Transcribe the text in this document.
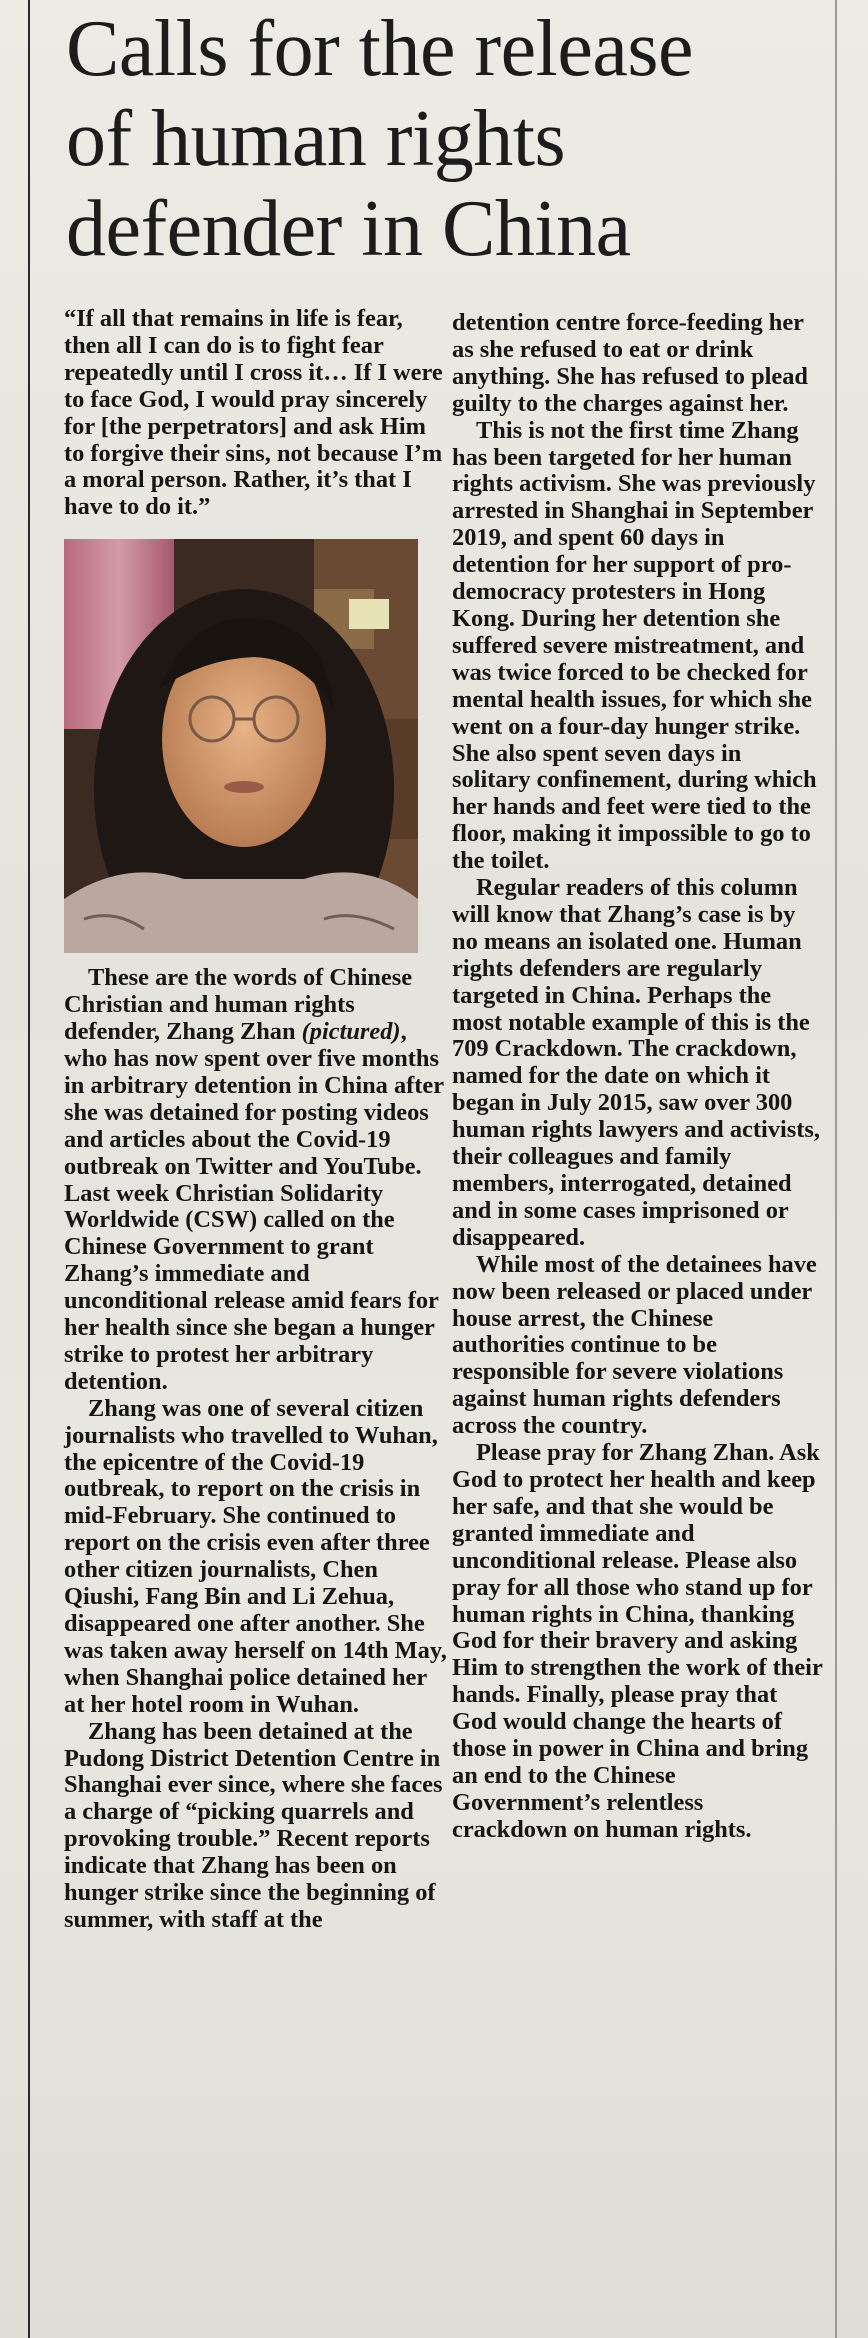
Calls for the release
of human rights
defender in China

“If all that remains in life is fear, then all I can do is to fight fear repeatedly until I cross it… If I were to face God, I would pray sincerely for [the perpetrators] and ask Him to forgive their sins, not because I’m a moral person. Rather, it’s that I have to do it.”

These are the words of Chinese Christian and human rights defender, Zhang Zhan (pictured), who has now spent over five months in arbitrary detention in China after she was detained for posting videos and articles about the Covid-19 outbreak on Twitter and YouTube. Last week Christian Solidarity Worldwide (CSW) called on the Chinese Government to grant Zhang’s immediate and unconditional release amid fears for her health since she began a hunger strike to protest her arbitrary detention.

Zhang was one of several citizen journalists who travelled to Wuhan, the epicentre of the Covid-19 outbreak, to report on the crisis in mid-February. She continued to report on the crisis even after three other citizen journalists, Chen Qiushi, Fang Bin and Li Zehua, disappeared one after another. She was taken away herself on 14th May, when Shanghai police detained her at her hotel room in Wuhan.

Zhang has been detained at the Pudong District Detention Centre in Shanghai ever since, where she faces a charge of “picking quarrels and provoking trouble.” Recent reports indicate that Zhang has been on hunger strike since the beginning of summer, with staff at the

detention centre force-feeding her as she refused to eat or drink anything. She has refused to plead guilty to the charges against her.

This is not the first time Zhang has been targeted for her human rights activism. She was previously arrested in Shanghai in September 2019, and spent 60 days in detention for her support of pro-democracy protesters in Hong Kong. During her detention she suffered severe mistreatment, and was twice forced to be checked for mental health issues, for which she went on a four-day hunger strike. She also spent seven days in solitary confinement, during which her hands and feet were tied to the floor, making it impossible to go to the toilet.

Regular readers of this column will know that Zhang’s case is by no means an isolated one. Human rights defenders are regularly targeted in China. Perhaps the most notable example of this is the 709 Crackdown. The crackdown, named for the date on which it began in July 2015, saw over 300 human rights lawyers and activists, their colleagues and family members, interrogated, detained and in some cases imprisoned or disappeared.

While most of the detainees have now been released or placed under house arrest, the Chinese authorities continue to be responsible for severe violations against human rights defenders across the country.

Please pray for Zhang Zhan. Ask God to protect her health and keep her safe, and that she would be granted immediate and unconditional release. Please also pray for all those who stand up for human rights in China, thanking God for their bravery and asking Him to strengthen the work of their hands. Finally, please pray that God would change the hearts of those in power in China and bring an end to the Chinese Government’s relentless crackdown on human rights.
